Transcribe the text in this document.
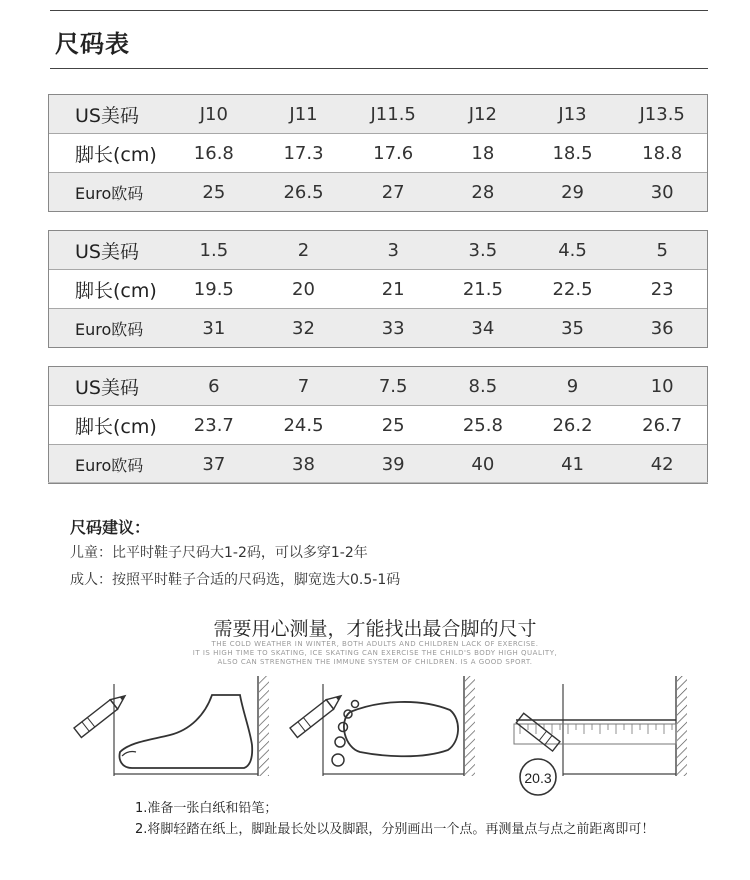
尺码表
US美码	J10	J11	J11.5	J12	J13	J13.5
脚长(cm)	16.8	17.3	17.6	18	18.5	18.8
Euro欧码	25	26.5	27	28	29	30
US美码	1.5	2	3	3.5	4.5	5
脚长(cm)	19.5	20	21	21.5	22.5	23
Euro欧码	31	32	33	34	35	36
US美码	6	7	7.5	8.5	9	10
脚长(cm)	23.7	24.5	25	25.8	26.2	26.7
Euro欧码	37	38	39	40	41	42
尺码建议：
儿童：比平时鞋子尺码大1-2码，可以多穿1-2年
成人：按照平时鞋子合适的尺码选，脚宽选大0.5-1码
需要用心测量，才能找出最合脚的尺寸
THE COLD WEATHER IN WINTER, BOTH ADULTS AND CHILDREN LACK OF EXERCISE.
IT IS HIGH TIME TO SKATING, ICE SKATING CAN EXERCISE THE CHILD'S BODY HIGH QUALITY,
ALSO CAN STRENGTHEN THE IMMUNE SYSTEM OF CHILDREN. IS A GOOD SPORT.
20.3
1.准备一张白纸和铅笔；
2.将脚轻踏在纸上，脚趾最长处以及脚跟，分别画出一个点。再测量点与点之前距离即可！
